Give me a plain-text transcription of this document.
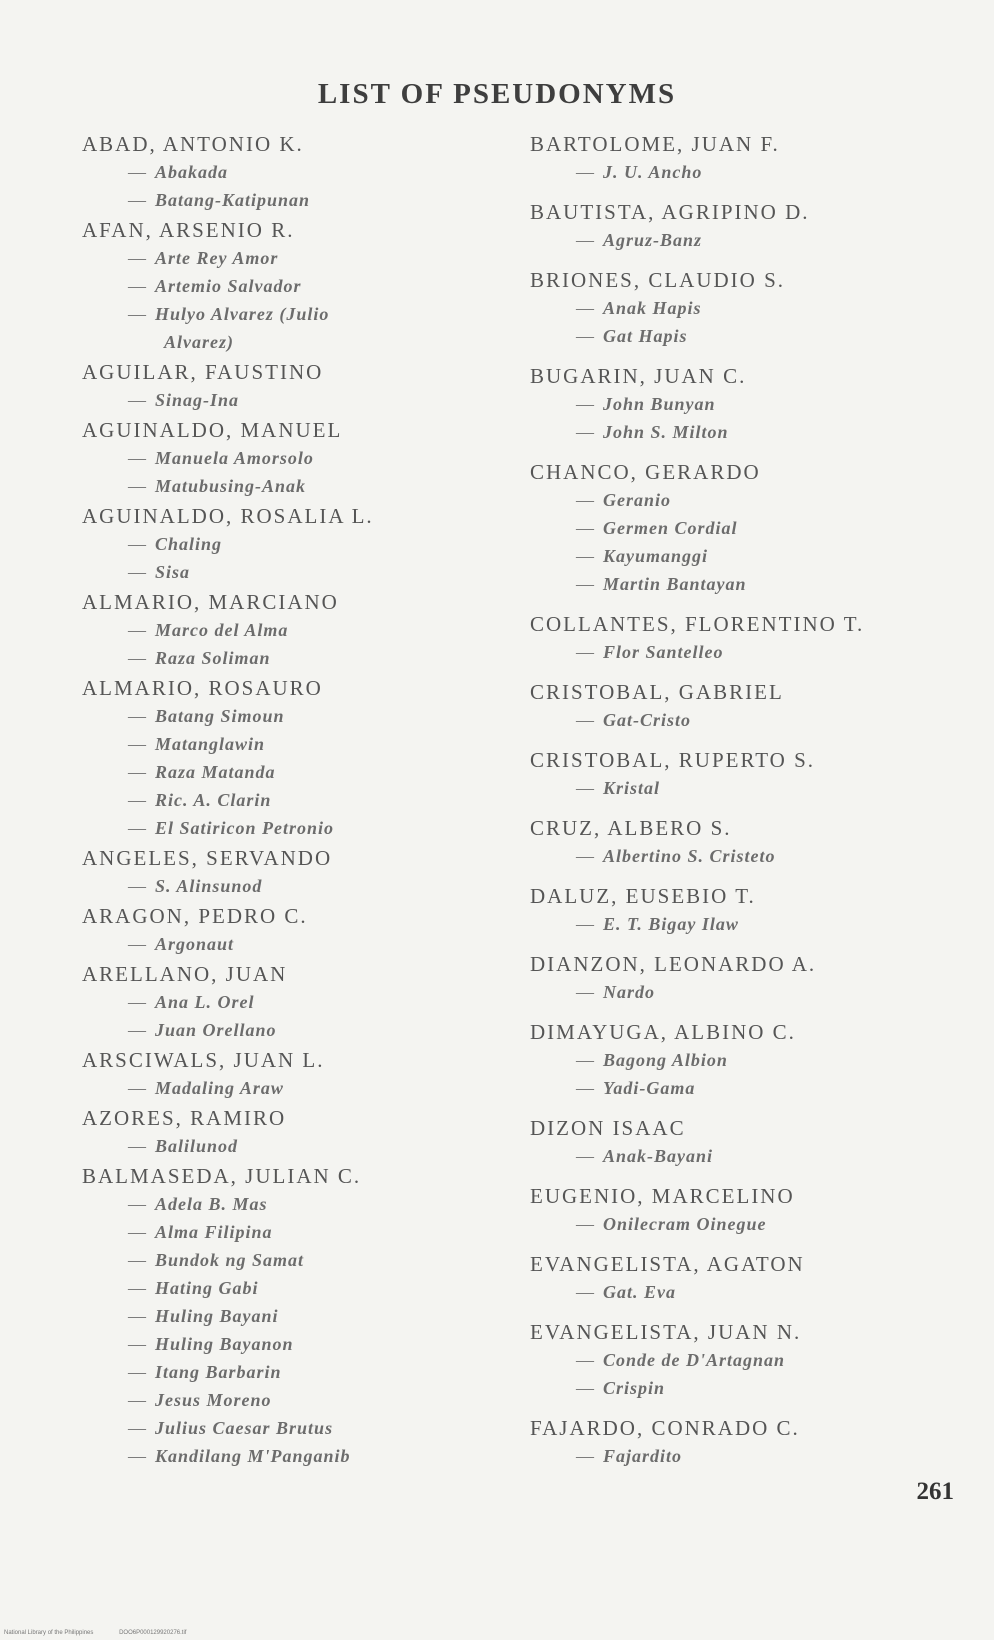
LIST OF PSEUDONYMS
ABAD, ANTONIO K.
— Abakada
— Batang-Katipunan
AFAN, ARSENIO R.
— Arte Rey Amor
— Artemio Salvador
— Hulyo Alvarez (Julio
Alvarez)
AGUILAR, FAUSTINO
— Sinag-Ina
AGUINALDO, MANUEL
— Manuela Amorsolo
— Matubusing-Anak
AGUINALDO, ROSALIA L.
— Chaling
— Sisa
ALMARIO, MARCIANO
— Marco del Alma
— Raza Soliman
ALMARIO, ROSAURO
— Batang Simoun
— Matanglawin
— Raza Matanda
— Ric. A. Clarin
— El Satiricon Petronio
ANGELES, SERVANDO
— S. Alinsunod
ARAGON, PEDRO C.
— Argonaut
ARELLANO, JUAN
— Ana L. Orel
— Juan Orellano
ARSCIWALS, JUAN L.
— Madaling Araw
AZORES, RAMIRO
— Balilunod
BALMASEDA, JULIAN C.
— Adela B. Mas
— Alma Filipina
— Bundok ng Samat
— Hating Gabi
— Huling Bayani
— Huling Bayanon
— Itang Barbarin
— Jesus Moreno
— Julius Caesar Brutus
— Kandilang M'Panganib
BARTOLOME, JUAN F.
— J. U. Ancho
BAUTISTA, AGRIPINO D.
— Agruz-Banz
BRIONES, CLAUDIO S.
— Anak Hapis
— Gat Hapis
BUGARIN, JUAN C.
— John Bunyan
— John S. Milton
CHANCO, GERARDO
— Geranio
— Germen Cordial
— Kayumanggi
— Martin Bantayan
COLLANTES, FLORENTINO T.
— Flor Santelleo
CRISTOBAL, GABRIEL
— Gat-Cristo
CRISTOBAL, RUPERTO S.
— Kristal
CRUZ, ALBERO S.
— Albertino S. Cristeto
DALUZ, EUSEBIO T.
— E. T. Bigay Ilaw
DIANZON, LEONARDO A.
— Nardo
DIMAYUGA, ALBINO C.
— Bagong Albion
— Yadi-Gama
DIZON ISAAC
— Anak-Bayani
EUGENIO, MARCELINO
— Onilecram Oinegue
EVANGELISTA, AGATON
— Gat. Eva
EVANGELISTA, JUAN N.
— Conde de D'Artagnan
— Crispin
FAJARDO, CONRADO C.
— Fajardito
261
National Library of the Philippines	DOO6P000129920276.tif
